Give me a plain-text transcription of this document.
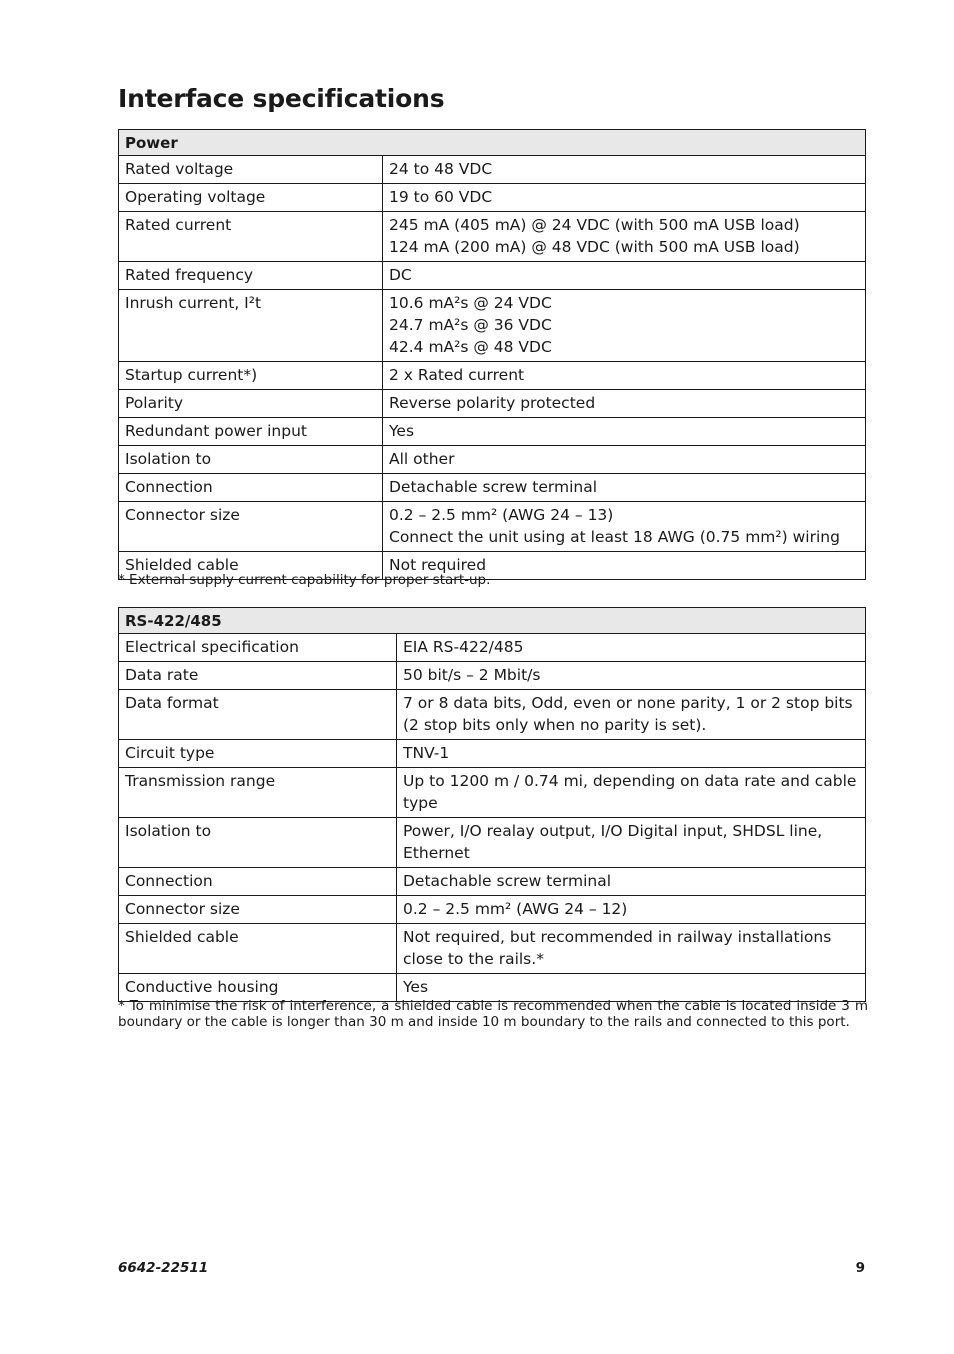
Interface specifications
Power	
Rated voltage	24 to 48 VDC

Operating voltage	19 to 60 VDC

Rated current	245 mA (405 mA) @ 24 VDC (with 500 mA USB load)
124 mA (200 mA) @ 48 VDC (with 500 mA USB load)

Rated frequency	DC

Inrush current, I²t	10.6 mA²s @ 24 VDC
24.7 mA²s @ 36 VDC
42.4 mA²s @ 48 VDC

Startup current*)	2 x Rated current

Polarity	Reverse polarity protected

Redundant power input	Yes

Isolation to	All other

Connection	Detachable screw terminal

Connector size	0.2 – 2.5 mm² (AWG 24 – 13)
Connect the unit using at least 18 AWG (0.75 mm²) wiring

Shielded cable	Not required

* External supply current capability for proper start-up.

RS-422/485	
Electrical specification	EIA RS-422/485
Data rate	50 bit/s – 2 Mbit/s
Data format	7 or 8 data bits, Odd, even or none parity, 1 or 2 stop bits (2 stop bits only when no parity is set).
Circuit type	TNV-1
Transmission range	Up to 1200 m / 0.74 mi, depending on data rate and cable type
Isolation to	Power, I/O realay output, I/O Digital input, SHDSL line, Ethernet
Connection	Detachable screw terminal
Connector size	0.2 – 2.5 mm² (AWG 24 – 12)
Shielded cable	Not required, but recommended in railway installations close to the rails.*
Conductive housing	Yes

* To minimise the risk of interference, a shielded cable is recommended when the cable is located inside 3 m boundary or the cable is longer than 30 m and inside 10 m boundary to the rails and connected to this port.

6642-22511	9
